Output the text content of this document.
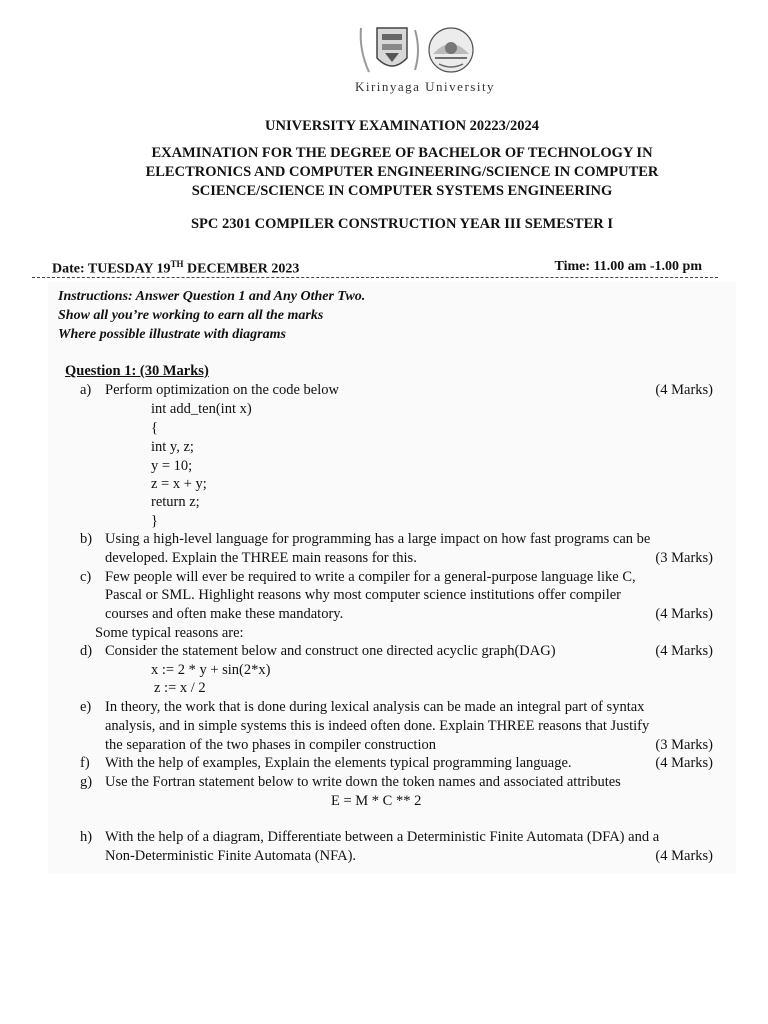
Kirinyaga University
UNIVERSITY EXAMINATION 20223/2024
EXAMINATION FOR THE DEGREE OF BACHELOR OF TECHNOLOGY IN
ELECTRONICS AND COMPUTER ENGINEERING/SCIENCE IN COMPUTER
SCIENCE/SCIENCE IN COMPUTER SYSTEMS ENGINEERING
SPC 2301 COMPILER CONSTRUCTION YEAR III SEMESTER I
Date: TUESDAY 19TH DECEMBER 2023	Time: 11.00 am -1.00 pm
Instructions: Answer Question 1 and Any Other Two.
Show all you’re working to earn all the marks
Where possible illustrate with diagrams
Question 1: (30 Marks)
a) Perform optimization on the code below	(4 Marks)
int add_ten(int x)
{
int y, z;
y = 10;
z = x + y;
return z;
}
b) Using a high-level language for programming has a large impact on how fast programs can be
developed. Explain the THREE main reasons for this.	(3 Marks)
c) Few people will ever be required to write a compiler for a general-purpose language like C,
Pascal or SML. Highlight reasons why most computer science institutions offer compiler
courses and often make these mandatory.	(4 Marks)
Some typical reasons are:
d) Consider the statement below and construct one directed acyclic graph(DAG)	(4 Marks)
x := 2 * y + sin(2*x)
z := x / 2
e) In theory, the work that is done during lexical analysis can be made an integral part of syntax
analysis, and in simple systems this is indeed often done. Explain THREE reasons that Justify
the separation of the two phases in compiler construction	(3 Marks)
f) With the help of examples, Explain the elements typical programming language.	(4 Marks)
g) Use the Fortran statement below to write down the token names and associated attributes
E = M * C ** 2
h) With the help of a diagram, Differentiate between a Deterministic Finite Automata (DFA) and a
Non-Deterministic Finite Automata (NFA).	(4 Marks)
